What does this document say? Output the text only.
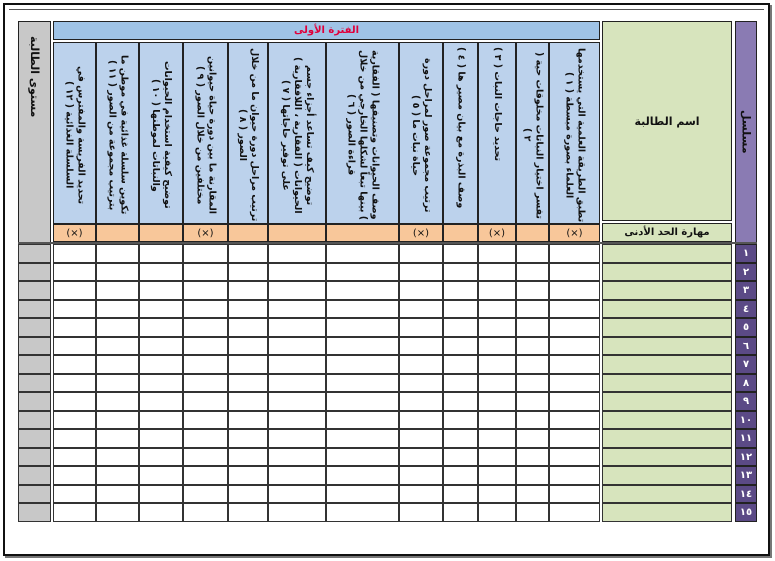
الفترة الأولى
مسلسل
اسم الطالبة
مهارة الحد الأدنى
مستوى الطالبة	تطبق الطريقة العلمية التي يستخدمها العلماء بصورة مبسطة ( ١ )
(×)
تفسر اختيار النباتات مخلوقات حية ( ٢ )
تحديد حاجات النبات ( ٣ )
(×)
وصف البذرة مع بيان مصير ها ( ٤ )
ترتيب مجموعة صور لمراحل دورة حياة نبات ما ( ٥ )
(×)
وصف الحيوانات وتصنيفها ( الفقارية ) بينها تبعاً لشكلها الخارجي من خلال قراءة الصور ( ٦ )
توضيح كيف تساعد أجزاء جسم الحيوانات ( الفقارية ، اللافقارية ) على توفير حاجاتها ( ٧ )
ترتيب مراحل دورة حيوان ما من خلال الصور ( ٨ )
المقارنة ما بين دورة حياة حيوانين مختلفين من خلال الصور ( ٩ )
(×)
توضيح كيفية استخدام الحيوانات والنباتات لموطنها ( ١٠ )
تكوين سلسلة غذائية في موطن ما بترتيب مجموعة من الصور ( ١١ )
تحديد الفريسة والمفترس في السلسلة الغذائية ( ١٢ )
(×)
١
٢
٣
٤
٥
٦
٧
٨
٩
١٠
١١
١٢
١٣
١٤
١٥
